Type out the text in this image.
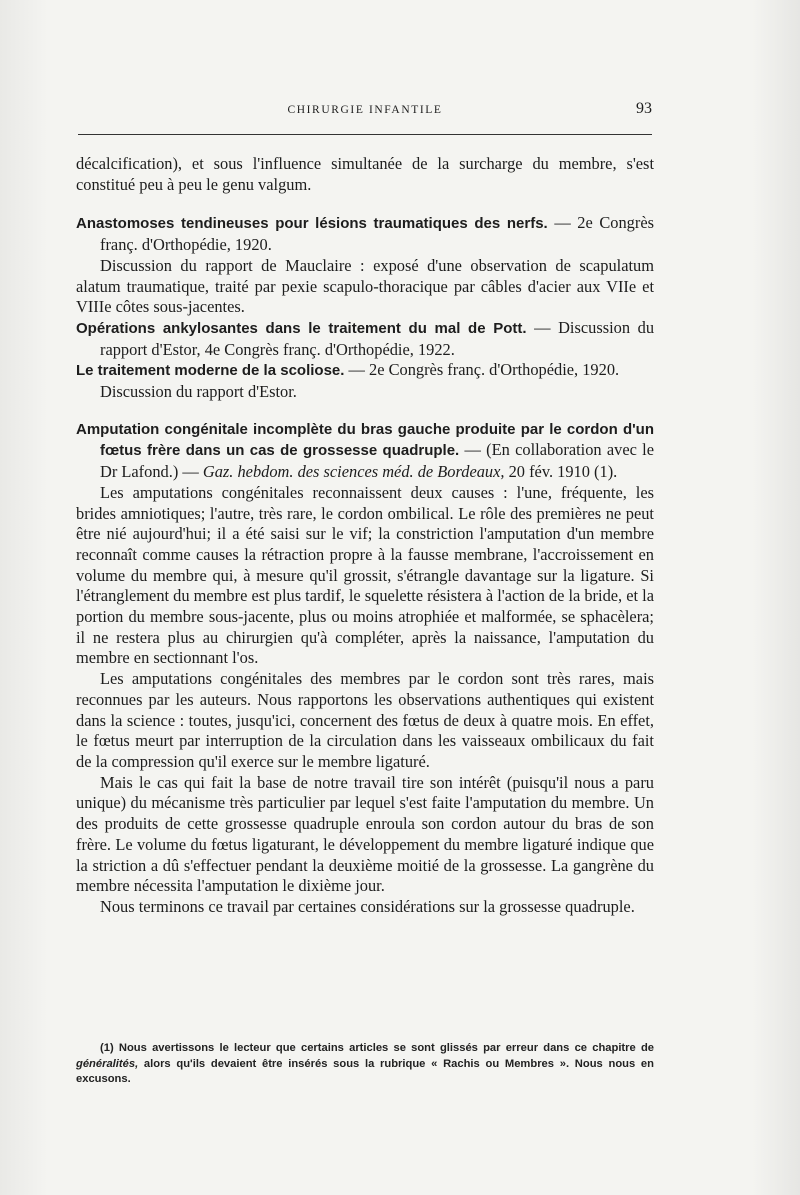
CHIRURGIE INFANTILE	93

décalcification), et sous l'influence simultanée de la surcharge du membre, s'est constitué peu à peu le genu valgum.

Anastomoses tendineuses pour lésions traumatiques des nerfs. — 2e Congrès franç. d'Orthopédie, 1920.

Discussion du rapport de Mauclaire : exposé d'une observation de scapulatum alatum traumatique, traité par pexie scapulo-thoracique par câbles d'acier aux VIIe et VIIIe côtes sous-jacentes.

Opérations ankylosantes dans le traitement du mal de Pott. — Discussion du rapport d'Estor, 4e Congrès franç. d'Orthopédie, 1922.

Le traitement moderne de la scoliose. — 2e Congrès franç. d'Orthopédie, 1920.

Discussion du rapport d'Estor.

Amputation congénitale incomplète du bras gauche produite par le cordon d'un fœtus frère dans un cas de grossesse quadruple. — (En collaboration avec le Dr Lafond.) — Gaz. hebdom. des sciences méd. de Bordeaux, 20 fév. 1910 (1).

Les amputations congénitales reconnaissent deux causes : l'une, fréquente, les brides amniotiques; l'autre, très rare, le cordon ombilical. Le rôle des premières ne peut être nié aujourd'hui; il a été saisi sur le vif; la constriction l'amputation d'un membre reconnaît comme causes la rétraction propre à la fausse membrane, l'accroissement en volume du membre qui, à mesure qu'il grossit, s'étrangle davantage sur la ligature. Si l'étranglement du membre est plus tardif, le squelette résistera à l'action de la bride, et la portion du membre sous-jacente, plus ou moins atrophiée et malformée, se sphacèlera; il ne restera plus au chirurgien qu'à compléter, après la naissance, l'amputation du membre en sectionnant l'os.

Les amputations congénitales des membres par le cordon sont très rares, mais reconnues par les auteurs. Nous rapportons les observations authentiques qui existent dans la science : toutes, jusqu'ici, concernent des fœtus de deux à quatre mois. En effet, le fœtus meurt par interruption de la circulation dans les vaisseaux ombilicaux du fait de la compression qu'il exerce sur le membre ligaturé.

Mais le cas qui fait la base de notre travail tire son intérêt (puisqu'il nous a paru unique) du mécanisme très particulier par lequel s'est faite l'amputation du membre. Un des produits de cette grossesse quadruple enroula son cordon autour du bras de son frère. Le volume du fœtus ligaturant, le développement du membre ligaturé indique que la striction a dû s'effectuer pendant la deuxième moitié de la grossesse. La gangrène du membre nécessita l'amputation le dixième jour.

Nous terminons ce travail par certaines considérations sur la grossesse quadruple.

(1) Nous avertissons le lecteur que certains articles se sont glissés par erreur dans ce chapitre de généralités, alors qu'ils devaient être insérés sous la rubrique « Rachis ou Membres ». Nous nous en excusons.
